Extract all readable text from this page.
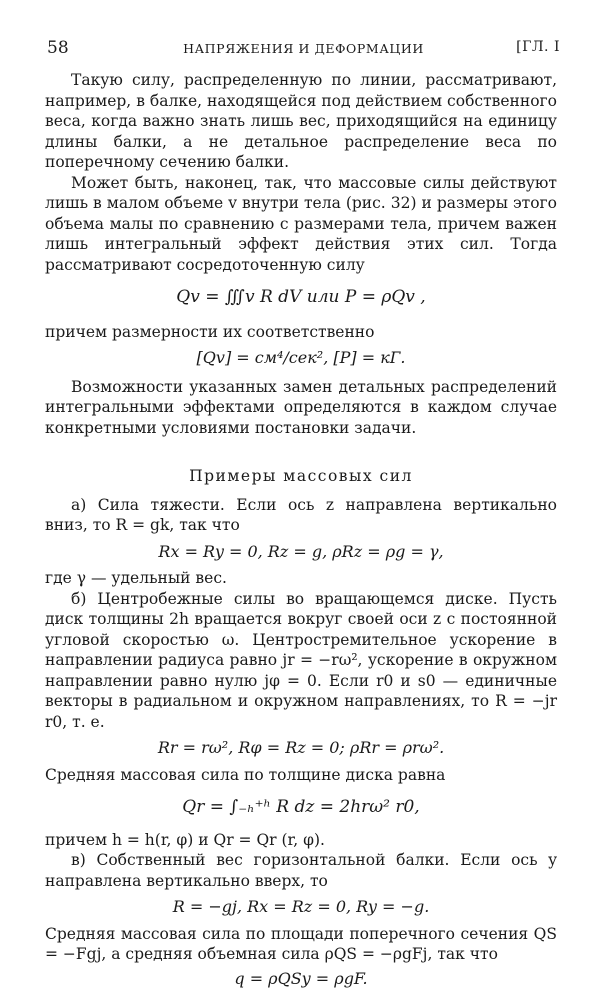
58	НАПРЯЖЕНИЯ И ДЕФОРМАЦИИ	[ГЛ. I

Такую силу, распределенную по линии, рассматривают, например, в балке, находящейся под действием собственного веса, когда важно знать лишь вес, приходящийся на единицу длины балки, а не детальное распределение веса по поперечному сечению балки.

Может быть, наконец, так, что массовые силы действуют лишь в малом объеме v внутри тела (рис. 32) и размеры этого объема малы по сравнению с размерами тела, причем важен лишь интегральный эффект действия этих сил. Тогда рассматривают сосредоточенную силу

Qv = ∭v R dV или P = ρQv ,

причем размерности их соответственно

[Qv] = см⁴/сек², [P] = кГ.

Возможности указанных замен детальных распределений интегральными эффектами определяются в каждом случае конкретными условиями постановки задачи.

Примеры массовых сил

а) Сила тяжести. Если ось z направлена вертикально вниз, то R = gk, так что

Rx = Ry = 0, Rz = g, ρRz = ρg = γ,

где γ — удельный вес.

б) Центробежные силы во вращающемся диске. Пусть диск толщины 2h вращается вокруг своей оси z с постоянной угловой скоростью ω. Центростремительное ускорение в направлении радиуса равно jr = −rω², ускорение в окружном направлении равно нулю jφ = 0. Если r0 и s0 — единичные векторы в радиальном и окружном направлениях, то R = −jr r0, т. е.

Rr = rω², Rφ = Rz = 0; ρRr = ρrω².

Средняя массовая сила по толщине диска равна

Qr = ∫₋ₕ⁺ʰ R dz = 2hrω² r0,

причем h = h(r, φ) и Qr = Qr (r, φ).

в) Собственный вес горизонтальной балки. Если ось y направлена вертикально вверх, то

R = −gj, Rx = Rz = 0, Ry = −g.

Средняя массовая сила по площади поперечного сечения QS = −Fgj, а средняя объемная сила ρQS = −ρgFj, так что

q = ρQSy = ρgF.
